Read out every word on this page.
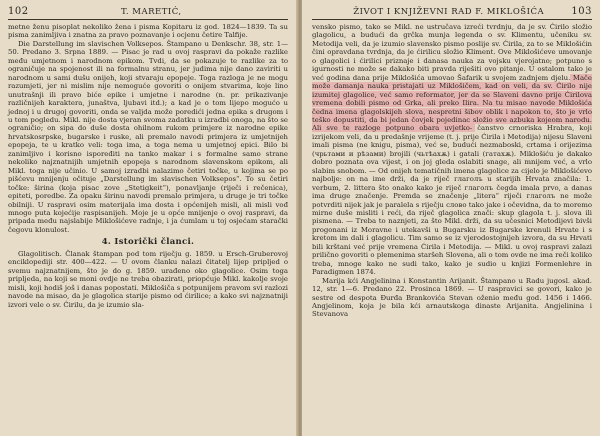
102	T. MARETIĆ,

metne ženu pisoplat nekoliko žena i pisma Kopitaru iz god. 1824—1839. Ta su pisma zanimljiva i znatna za pravo poznavanje i ocjenu četire Talfije.

Die Darstellung im slavischen Volksepos. Štampano u Denkschr. 38, str. 1—50. Predano 3. Srpna 1889. — Pisac je rad u ovoj raspravi da pokaže razlike među umjetnom i narodnom epikom. Tvdi, da se pokazuje te razlike za to ograničuje na spojenost ili na formalnu stranu, jer judima nije dano zaviriti u narodnom u sami dušu onijeh, koji stvaraju epopeje. Toga razloga je ne mogu razumjeti, jer ni mislim nije nemoguće govoriti o onijem stvarima, koje lino unutrašnji ili pravo biće epike i umjetne i narodne (n. pr. prikazivanje različnijeh karaktera, junaštva, ljubavi itd.); a kad je o tom lijepo mogućo u jednoj i u drugoj govoriti, onda se valjda može poredići jedna epika s drugom i u tom pogledu. Mikl. nije dosta vjeran svoma zadatku u izradbi onoga, na što se ograničio; on sipa do duše dosta ohilnom rukom primjere iz narodne epike hrvatskosrpske, bugarske i ruske, ali premalo navodi primjera iz umjetnijeh epopeja, te u kratko veli: toga ima, a toga nema u umjetnoj epici. Bilo bi zanimljivo i korisno ispoređiti na tanko makar i s formalne samo strane nekoliko najznatnijih umjetnih epopeja s narodnom slavenskom epikom, ali Mikl. toga nije učinio. U samoj izradbi nalazimo četiri točke, u kojima se po pišćevu mnijenju očituje „Darstellung im slavischen Volksepos“. To su četiri točke: širina (koja pisac zove „Stetigkeit“), ponavljanje (riječi i rečenica), epiteti, poredbe. Za opaku širinu navodi premalo primjera, u druge je tri točke obilniji. U raspravi osim materijala ima dosta i općenijeh misli, ali misli vođ mnogo puta kojećije raspisanijeh. Moje je u opće mnijenje o ovoj raspravi, da pripada među najslabije Miklošićeve radnje, i ja ćumlam u toj osjećam starački čegovu klonulost.

4. Istorički članci.

Glagolitisch. Članak štampan pod tom riječju g. 1859. u Ersch-Gruberovoj enciklopediji str. 400—422. — U ovom članku nalazi čitatelj lijep pripljed o svemu najznatnijem, što je do g. 1859. urađeno oko glagolice. Osim toga pripljeda, na koji se moni ovdje ne treba obazirati, priopćuje Mikl. kakolje svoje misli, koji hodiš još i danas popostati. Miklošiča s potpunijem pravom svi razlozi navode na misao, da je glagolica starije pismo od ćirilice; a kako svi najznatniji izvori vele o sv. Ćirilu, da je izumio sla-

ŽIVOT I KNJIŽEVNI RAD F. MIKLOŠIĆA	103

vensko pismo, tako se Mikl. ne ustručava izreći tvrdnju, da je sv. Ćirilo složio glagolicu, a budući da grčka munja legenda o sv. Klimentu, učeniku sv. Metodija veli, da je izumio slavensko pismo poslije sv. Ćirila, za to se Miklošićin čini opravdana tvrdnja, da je ćirilicu složio Kliment. Ove Miklošićeve umovanje o glagolici i ćirilici priznaje i danasa nauka za vojsku vjerojatno; potpuno s igurnosti ne može se dakako biti pravda riješiti ovo pitanje. U ostalom tako je već godina dana prije Miklošića umovao Šafarik u svojem zadnjem djelu. Mače može damanja nauka pristajati uz Miklošičem, kad on veli, da sv. Ćirilo nije izumitej glagolice, već samo reformator, jer da se Slaveni davno prije Ćirilova vremena dobili pismo od Grka, ali preko Ilira. Na tu misao navode Miklošića čedna imena glagolskijeh slova, nespretni šibov oblik i napokon to, što je vrlo teško dopustiti, da bi jedan čovjek pojedinac složio sve azbuka kojeom narodu. Ali sve te razloge potpuno obara uvjetko- čanstvo crnoriska Hrabra, koji izrijekom veli, da u predašnje vrijeme (t. j. prije Ćirila i Metodija) nijesu Slaveni imali pisma (ne knigu, pisma), već se, budući nezmaboski, crtama i orijezima (чрьтами и рѣзами) brojili (чьтѣахѫ) i gatali (гатахѫ). Miklošiću je dakako dobro poznata ova vijest, i on joj gleda oslabiti snage, ali mnijem već, a vrlo slabim snobom. — Od onijeh tematičnih imena glagolice za cijelo je Miklošićevo najbolje: on na ime drži, da je riječ глаголъ u starijih Hrvata značila: 1. verbum, 2. littera što onako kako je riječ глаголъ čegda imala prvo, a danas ima druge značenje. Premda se značenje „litera“ riječi глаголъ ne može potvrditi nijek jak je paralela s riječju слово tako jake i očevidna, da to moremo mirne duše misliti i reći, da riječ glagolica znači: skup glagola t. j. slova ili pismena. — Treba to naznjeti, za što Mikl. drži, da su učesnici Metodijevi bivši progonani iz Moravne i utekavši u Bugarsku iz Bugarske krenuli Hrvate i s kretom im dali i glagolicu. Tim samo se iz vjerodostojnijeh izvora, da su Hrvati bili krštani već prije vremena Ćirila i Metodija. — Mikl. u ovoj raspravi zalazi prilično govoriti o plemenima staršeh Slovena, ali o tom ovde ne ima reči koliko treba, mnoge kako ne sudi tako, kako je sudio u knjizi Formenlehre in Paradigmen 1874.

Marija kći Angjelinina i Konstantin Arijanit. Štampano u Radu jugosl. akad. 12, str. 1—6. Predano 22. Prosinca 1869. — U raspravici se govori, kako je sestre od despota Đurđa Brankovića Stevan oženio među god. 1456 i 1466. Angjelinom, koja je bila kći arnautskoga dinaste Arijanita. Angjelinina i Stevanova
